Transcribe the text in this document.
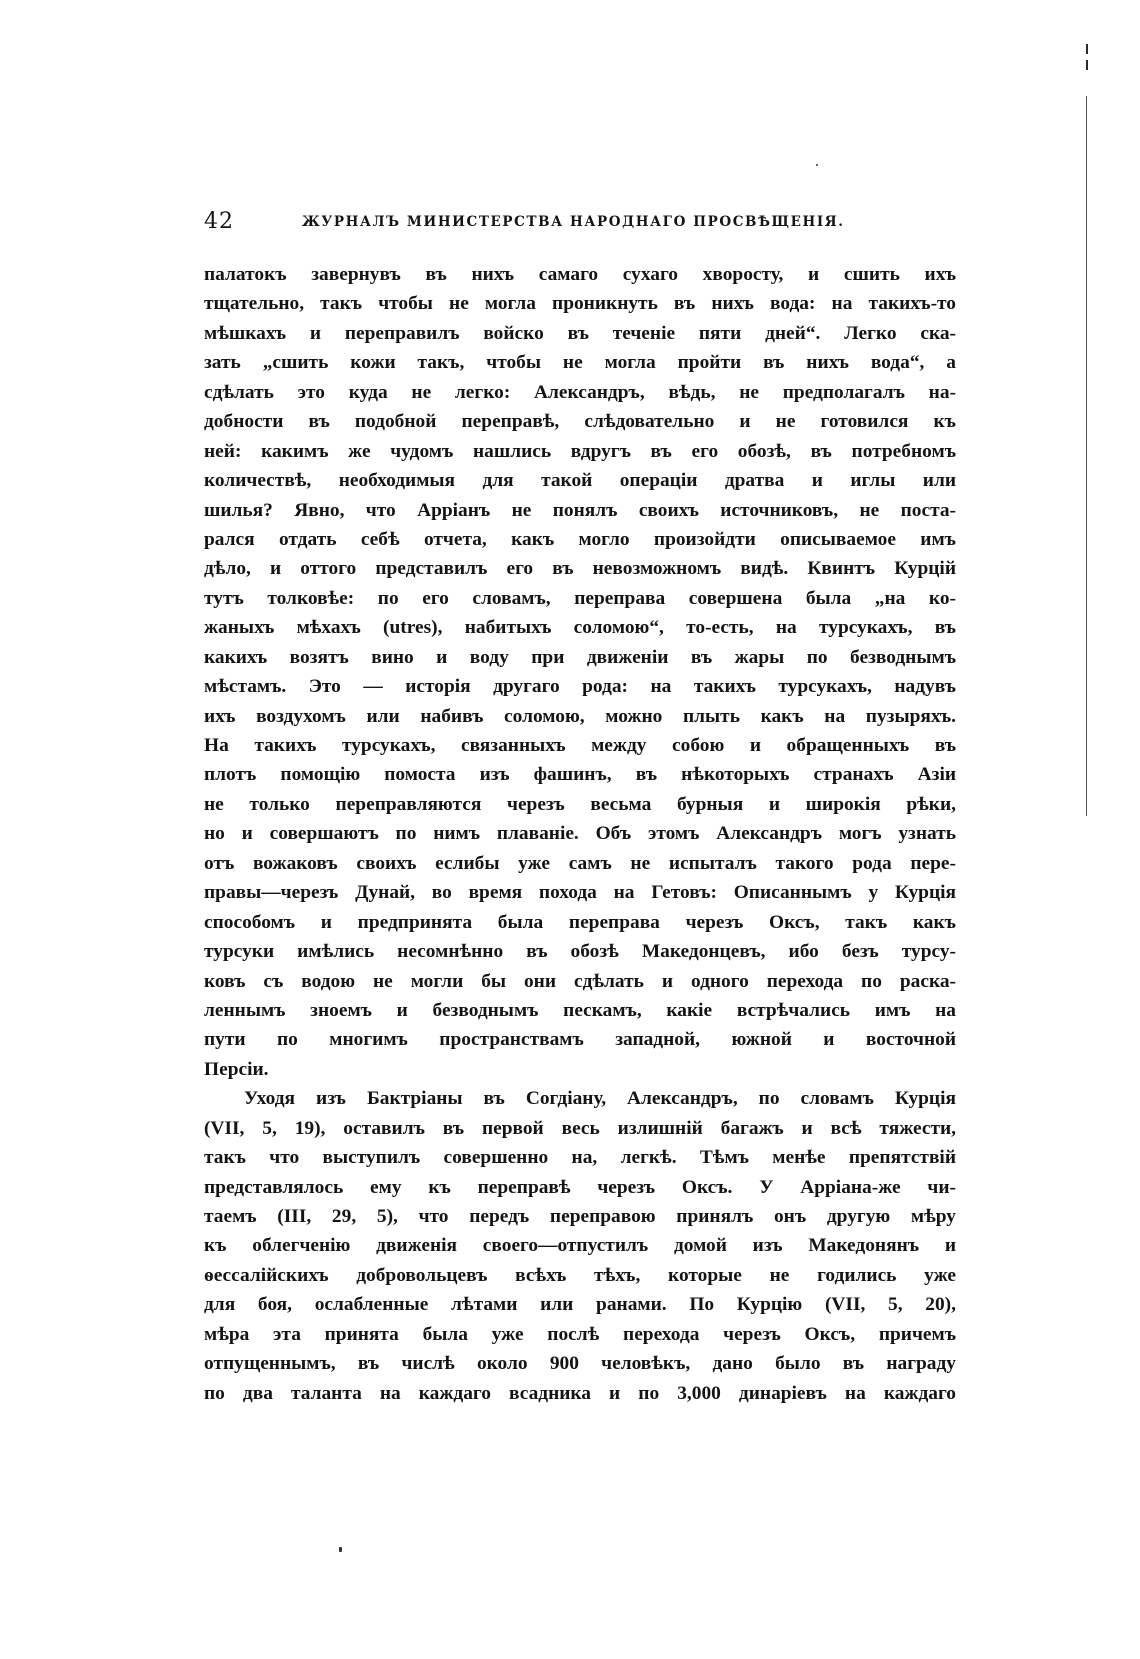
42	ЖУРНАЛЪ МИНИСТЕРСТВА НАРОДНАГО ПРОСВѢЩЕНІЯ.
палатокъ завернувъ въ нихъ самаго сухаго хворосту, и сшить ихъ
тщательно, такъ чтобы не могла проникнуть въ нихъ вода: на такихъ-то
мѣшкахъ и переправилъ войско въ теченіе пяти дней“. Легко ска-
зать „сшить кожи такъ, чтобы не могла пройти въ нихъ вода“, а
сдѣлать это куда не легко: Александръ, вѣдь, не предполагалъ на-
добности въ подобной переправѣ, слѣдовательно и не готовился къ
ней: какимъ же чудомъ нашлись вдругъ въ его обозѣ, въ потребномъ
количествѣ, необходимыя для такой операціи дратва и иглы или
шилья? Явно, что Арріанъ не понялъ своихъ источниковъ, не поста-
рался отдать себѣ отчета, какъ могло произойдти описываемое имъ
дѣло, и оттого представилъ его въ невозможномъ видѣ. Квинтъ Курцій
тутъ толковѣе: по его словамъ, переправа совершена была „на ко-
жаныхъ мѣхахъ (utres), набитыхъ соломою“, то-есть, на турсукахъ, въ
какихъ возятъ вино и воду при движеніи въ жары по безводнымъ
мѣстамъ. Это — исторія другаго рода: на такихъ турсукахъ, надувъ
ихъ воздухомъ или набивъ соломою, можно плыть какъ на пузыряхъ.
На такихъ турсукахъ, связанныхъ между собою и обращенныхъ въ
плотъ помощію помоста изъ фашинъ, въ нѣкоторыхъ странахъ Азіи
не только переправляются черезъ весьма бурныя и широкія рѣки,
но и совершаютъ по нимъ плаваніе. Объ этомъ Александръ могъ узнать
отъ вожаковъ своихъ еслибы уже самъ не испыталъ такого рода пере-
правы—черезъ Дунай, во время похода на Гетовъ: Описаннымъ у Курція
способомъ и предпринята была переправа черезъ Оксъ, такъ какъ
турсуки имѣлись несомнѣнно въ обозѣ Македонцевъ, ибо безъ турсу-
ковъ съ водою не могли бы они сдѣлать и одного перехода по раска-
леннымъ зноемъ и безводнымъ пескамъ, какіе встрѣчались имъ на
пути по многимъ пространствамъ западной, южной и восточной
Персіи.
Уходя изъ Бактріаны въ Согдіану, Александръ, по словамъ Курція
(VII, 5, 19), оставилъ въ первой весь излишній багажъ и всѣ тяжести,
такъ что выступилъ совершенно на, легкѣ. Тѣмъ менѣе препятствій
представлялось ему къ переправѣ черезъ Оксъ. У Арріана-же чи-
таемъ (III, 29, 5), что передъ переправою принялъ онъ другую мѣру
къ облегченію движенія своего—отпустилъ домой изъ Македонянъ и
ѳессалійскихъ добровольцевъ всѣхъ тѣхъ, которые не годились уже
для боя, ослабленные лѣтами или ранами. По Курцію (VII, 5, 20),
мѣра эта принята была уже послѣ перехода черезъ Оксъ, причемъ
отпущеннымъ, въ числѣ около 900 человѣкъ, дано было въ награду
по два таланта на каждаго всадника и по 3,000 динаріевъ на каждаго
